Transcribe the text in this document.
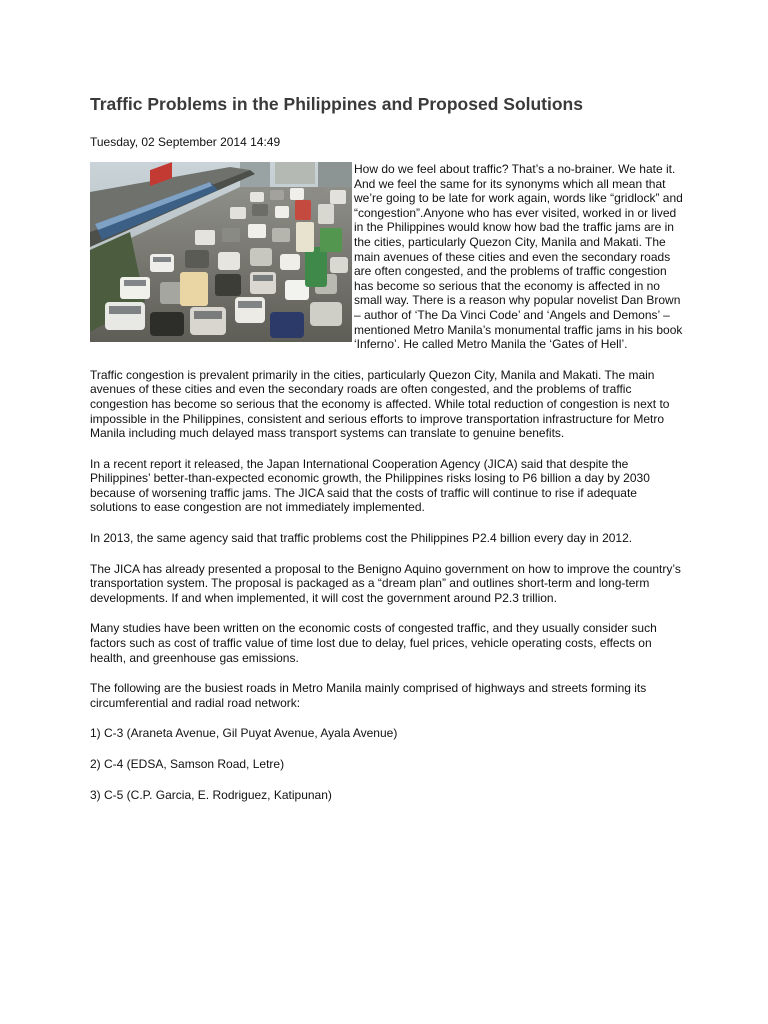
Traffic Problems in the Philippines and Proposed Solutions
Tuesday, 02 September 2014 14:49

How do we feel about traffic? That’s a no-brainer. We hate it. And we feel the same for its synonyms which all mean that we’re going to be late for work again, words like “gridlock” and “congestion”.Anyone who has ever visited, worked in or lived in the Philippines would know how bad the traffic jams are in the cities, particularly Quezon City, Manila and Makati. The main avenues of these cities and even the secondary roads are often congested, and the problems of traffic congestion has become so serious that the economy is affected in no small way. There is a reason why popular novelist Dan Brown – author of ‘The Da Vinci Code’ and ‘Angels and Demons’ – mentioned Metro Manila’s monumental traffic jams in his book ‘Inferno’. He called Metro Manila the ‘Gates of Hell’.

Traffic congestion is prevalent primarily in the cities, particularly Quezon City, Manila and Makati. The main avenues of these cities and even the secondary roads are often congested, and the problems of traffic congestion has become so serious that the economy is affected. While total reduction of congestion is next to impossible in the Philippines, consistent and serious efforts to improve transportation infrastructure for Metro Manila including much delayed mass transport systems can translate to genuine benefits.

In a recent report it released, the Japan International Cooperation Agency (JICA) said that despite the Philippines’ better-than-expected economic growth, the Philippines risks losing to P6 billion a day by 2030 because of worsening traffic jams. The JICA said that the costs of traffic will continue to rise if adequate solutions to ease congestion are not immediately implemented.

In 2013, the same agency said that traffic problems cost the Philippines P2.4 billion every day in 2012.

The JICA has already presented a proposal to the Benigno Aquino government on how to improve the country’s transportation system. The proposal is packaged as a “dream plan” and outlines short-term and long-term developments. If and when implemented, it will cost the government around P2.3 trillion.

Many studies have been written on the economic costs of congested traffic, and they usually consider such factors such as cost of traffic value of time lost due to delay, fuel prices, vehicle operating costs, effects on health, and greenhouse gas emissions.

The following are the busiest roads in Metro Manila mainly comprised of highways and streets forming its circumferential and radial road network:

1) C-3 (Araneta Avenue, Gil Puyat Avenue, Ayala Avenue)

2) C-4 (EDSA, Samson Road, Letre)

3) C-5 (C.P. Garcia, E. Rodriguez, Katipunan)
